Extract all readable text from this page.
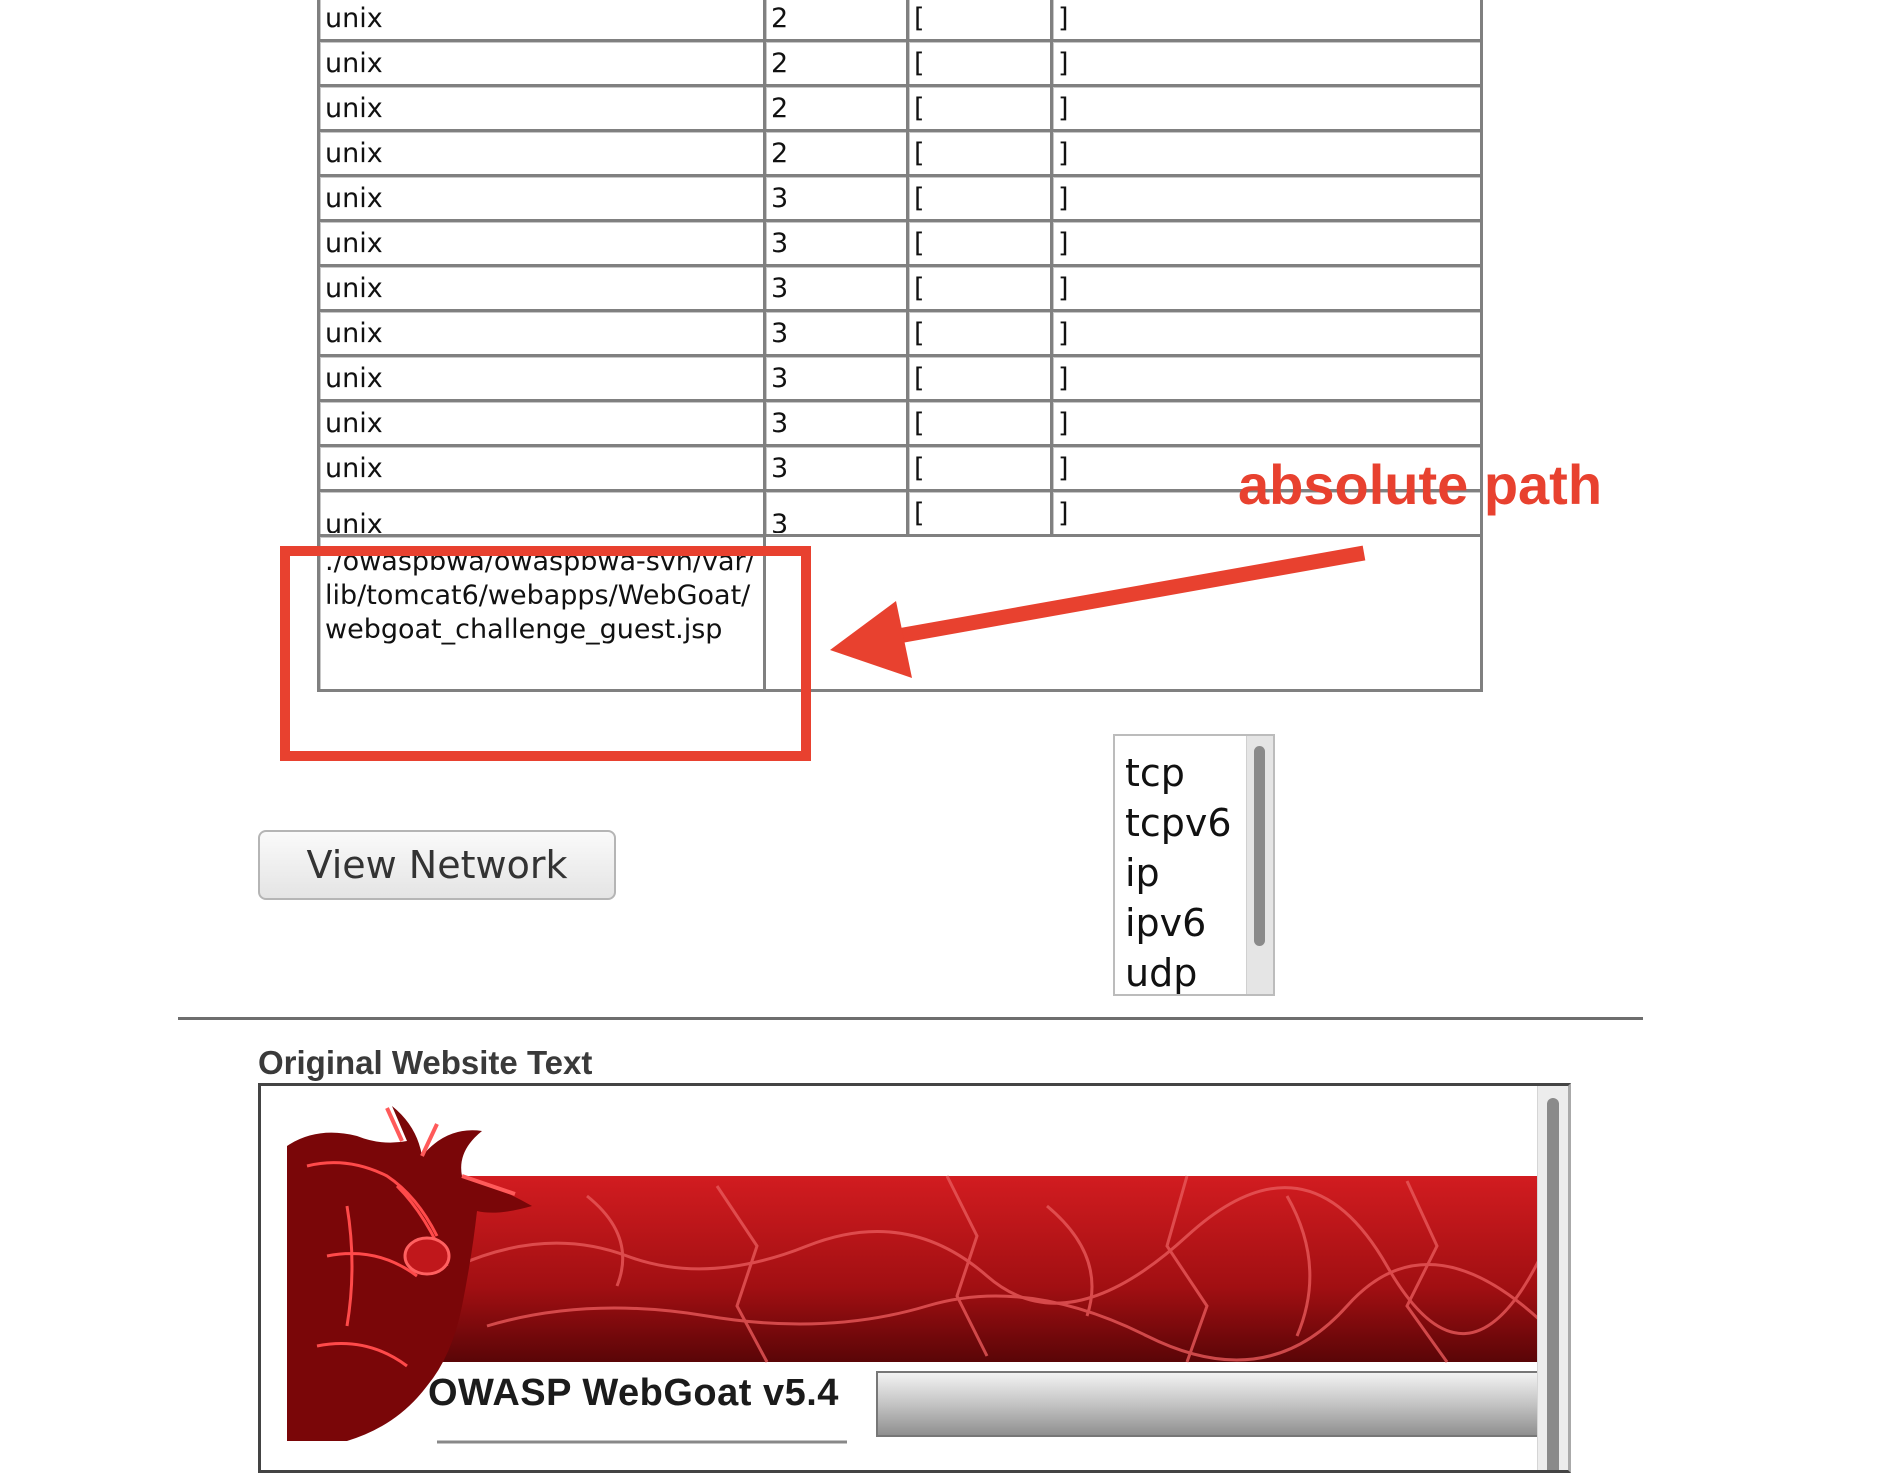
unix	2	[	]
unix	2	[	]
unix	2	[	]
unix	2	[	]
unix	3	[	]
unix	3	[	]
unix	3	[	]
unix	3	[	]
unix	3	[	]
unix	3	[	]
unix	3	[	]

unix	3	[	]
./owaspbwa/owaspbwa-svn/var/lib/tomcat6/webapps/WebGoat/webgoat_challenge_guest.jsp			
absolute path
View Network
tcp
tcpv6
ip
ipv6
udp
Original Website Text
OWASP WebGoat v5.4
